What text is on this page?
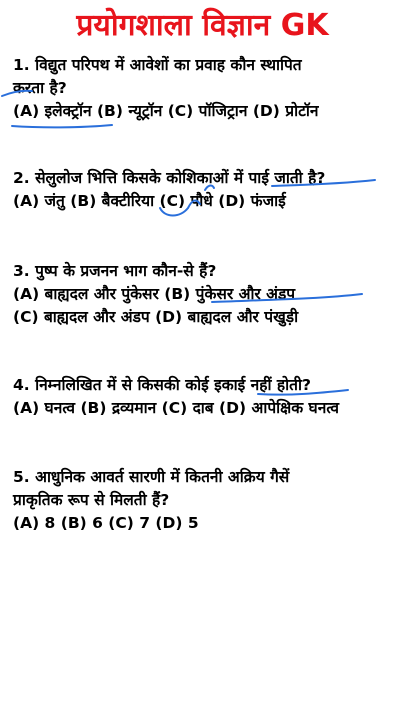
प्रयोगशाला विज्ञान GK
1. विद्युत परिपथ में आवेशों का प्रवाह कौन स्थापित
करता है?
(A) इलेक्ट्रॉन (B) न्यूट्रॉन (C) पॉजिट्रान (D) प्रोटॉन
2. सेलुलोज भित्ति किसके कोशिकाओं में पाई जाती है?
(A) जंतु (B) बैक्टीरिया (C) पौधे (D) फंजाई
3. पुष्प के प्रजनन भाग कौन-से हैं?
(A) बाह्यदल और पुंकेसर (B) पुंकेसर और अंडप
(C) बाह्यदल और अंडप (D) बाह्यदल और पंखुड़ी
4. निम्नलिखित में से किसकी कोई इकाई नहीं होती?
(A) घनत्व (B) द्रव्यमान (C) दाब (D) आपेक्षिक घनत्व
5. आधुनिक आवर्त सारणी में कितनी अक्रिय गैसें
प्राकृतिक रूप से मिलती हैं?
(A) 8 (B) 6 (C) 7 (D) 5
